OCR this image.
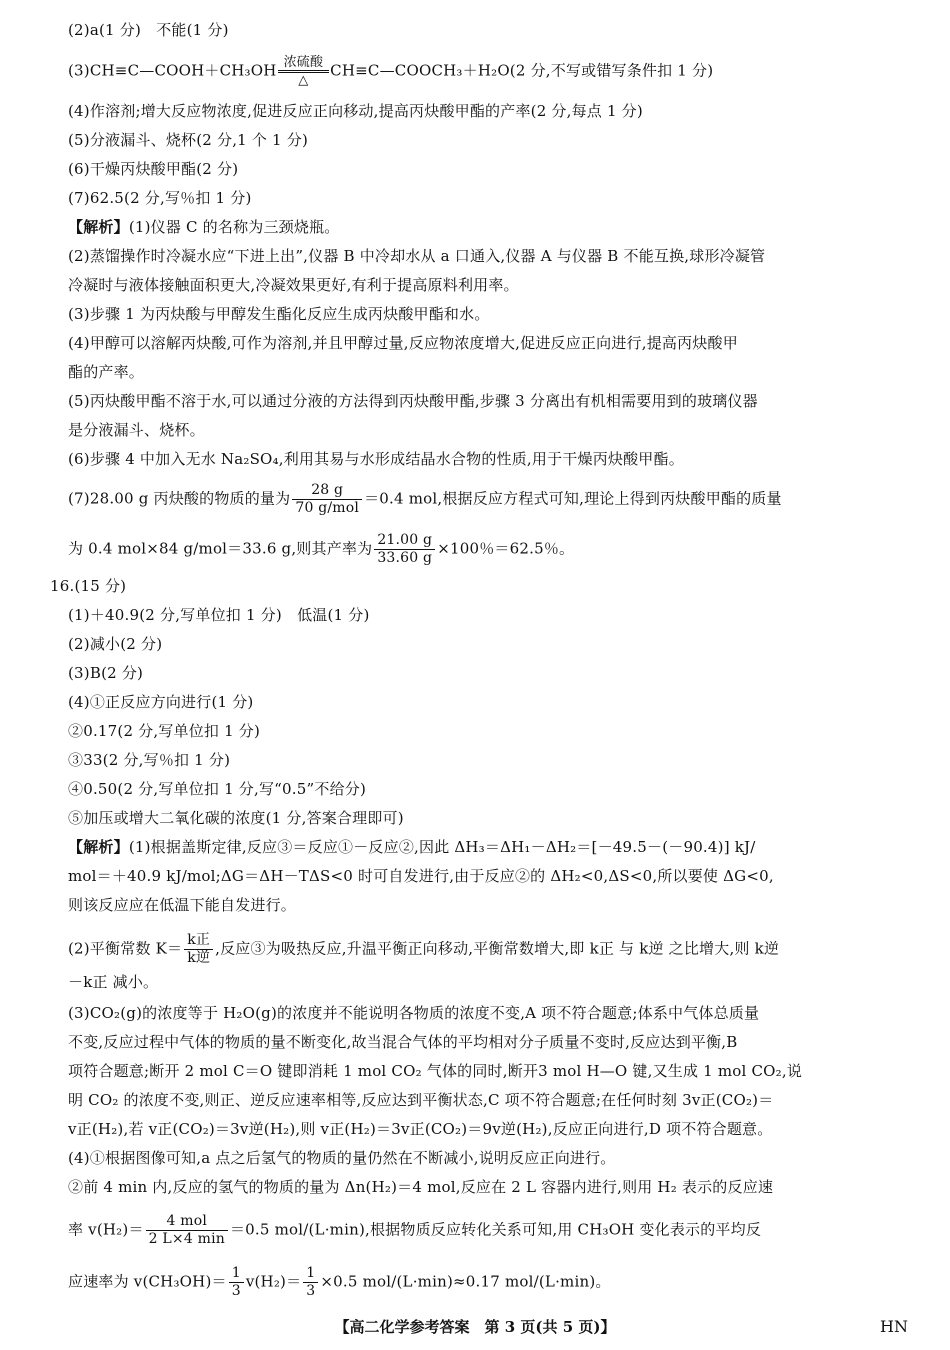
(2)a(1 分)　不能(1 分)
(3)CH≡C—COOH＋CH₃OH 浓硫酸
△
CH≡C—COOCH₃＋H₂O(2 分,不写或错写条件扣 1 分)
(4)作溶剂;增大反应物浓度,促进反应正向移动,提高丙炔酸甲酯的产率(2 分,每点 1 分)
(5)分液漏斗、烧杯(2 分,1 个 1 分)
(6)干燥丙炔酸甲酯(2 分)
(7)62.5(2 分,写％扣 1 分)
【解析】(1)仪器 C 的名称为三颈烧瓶。
(2)蒸馏操作时冷凝水应“下进上出”,仪器 B 中冷却水从 a 口通入,仪器 A 与仪器 B 不能互换,球形冷凝管
冷凝时与液体接触面积更大,冷凝效果更好,有利于提高原料利用率。
(3)步骤 1 为丙炔酸与甲醇发生酯化反应生成丙炔酸甲酯和水。
(4)甲醇可以溶解丙炔酸,可作为溶剂,并且甲醇过量,反应物浓度增大,促进反应正向进行,提高丙炔酸甲
酯的产率。
(5)丙炔酸甲酯不溶于水,可以通过分液的方法得到丙炔酸甲酯,步骤 3 分离出有机相需要用到的玻璃仪器
是分液漏斗、烧杯。
(6)步骤 4 中加入无水 Na₂SO₄,利用其易与水形成结晶水合物的性质,用于干燥丙炔酸甲酯。
(7)28.00 g 丙炔酸的物质的量为 $\frac{28 g}{\text{70 g/mol}} =0.4$ mol,根据反应方程式可知,理论上得到丙炔酸甲酯的质量
为 0.4 mol×84 g/mol＝33.6 g,则其产率为 $\frac{21.00 g}{33.60 g} \times 100$％＝62.5％。
16.(15 分)
(1)＋40.9(2 分,写单位扣 1 分)　低温(1 分)
(2)减小(2 分)
(3)B(2 分)
(4)①正反应方向进行(1 分)
②0.17(2 分,写单位扣 1 分)
③33(2 分,写％扣 1 分)
④0.50(2 分,写单位扣 1 分,写“0.5”不给分)
⑤加压或增大二氧化碳的浓度(1 分,答案合理即可)
【解析】(1)根据盖斯定律,反应③＝反应①－反应②,因此 ΔH₃＝ΔH₁－ΔH₂＝[－49.5－(－90.4)] kJ/
mol＝＋40.9 kJ/mol;ΔG＝ΔH－TΔS<0 时可自发进行,由于反应②的 ΔH₂<0,ΔS<0,所以要使 ΔG<0,
则该反应应在低温下能自发进行。
(2)平衡常数 $K= \frac{\text{k正}}{\text{k逆}}$ ,反应③为吸热反应,升温平衡正向移动,平衡常数增大,即 k正 与 k逆 之比增大,则 k逆
－k正 减小。
(3)CO₂(g)的浓度等于 H₂O(g)的浓度并不能说明各物质的浓度不变,A 项不符合题意;体系中气体总质量
不变,反应过程中气体的物质的量不断变化,故当混合气体的平均相对分子质量不变时,反应达到平衡,B
项符合题意;断开 2 mol C＝O 键即消耗 1 mol CO₂ 气体的同时,断开3 mol H—O 键,又生成 1 mol CO₂,说
明 CO₂ 的浓度不变,则正、逆反应速率相等,反应达到平衡状态,C 项不符合题意;在任何时刻 3v正(CO₂)＝
v正(H₂),若 v正(CO₂)＝3v逆(H₂),则 v正(H₂)＝3v正(CO₂)＝9v逆(H₂),反应正向进行,D 项不符合题意。
(4)①根据图像可知,a 点之后氢气的物质的量仍然在不断减小,说明反应正向进行。
②前 4 min 内,反应的氢气的物质的量为 Δn(H₂)＝4 mol,反应在 2 L 容器内进行,则用 H₂ 表示的反应速
率 $v(H_2)= \frac{\text{4 mol}}{2 L\times 4 \min} =0.5$ mol/(L·min),根据物质反应转化关系可知,用 CH₃OH 变化表示的平均反
应速率为 $v(CH_3OH)= \frac{1}{3} v(H_2)= \frac{1}{3} \times 0.5$ mol/(L·min)≈0.17 mol/(L·min)。
【高二化学参考答案　第 3 页(共 5 页)】	HN
